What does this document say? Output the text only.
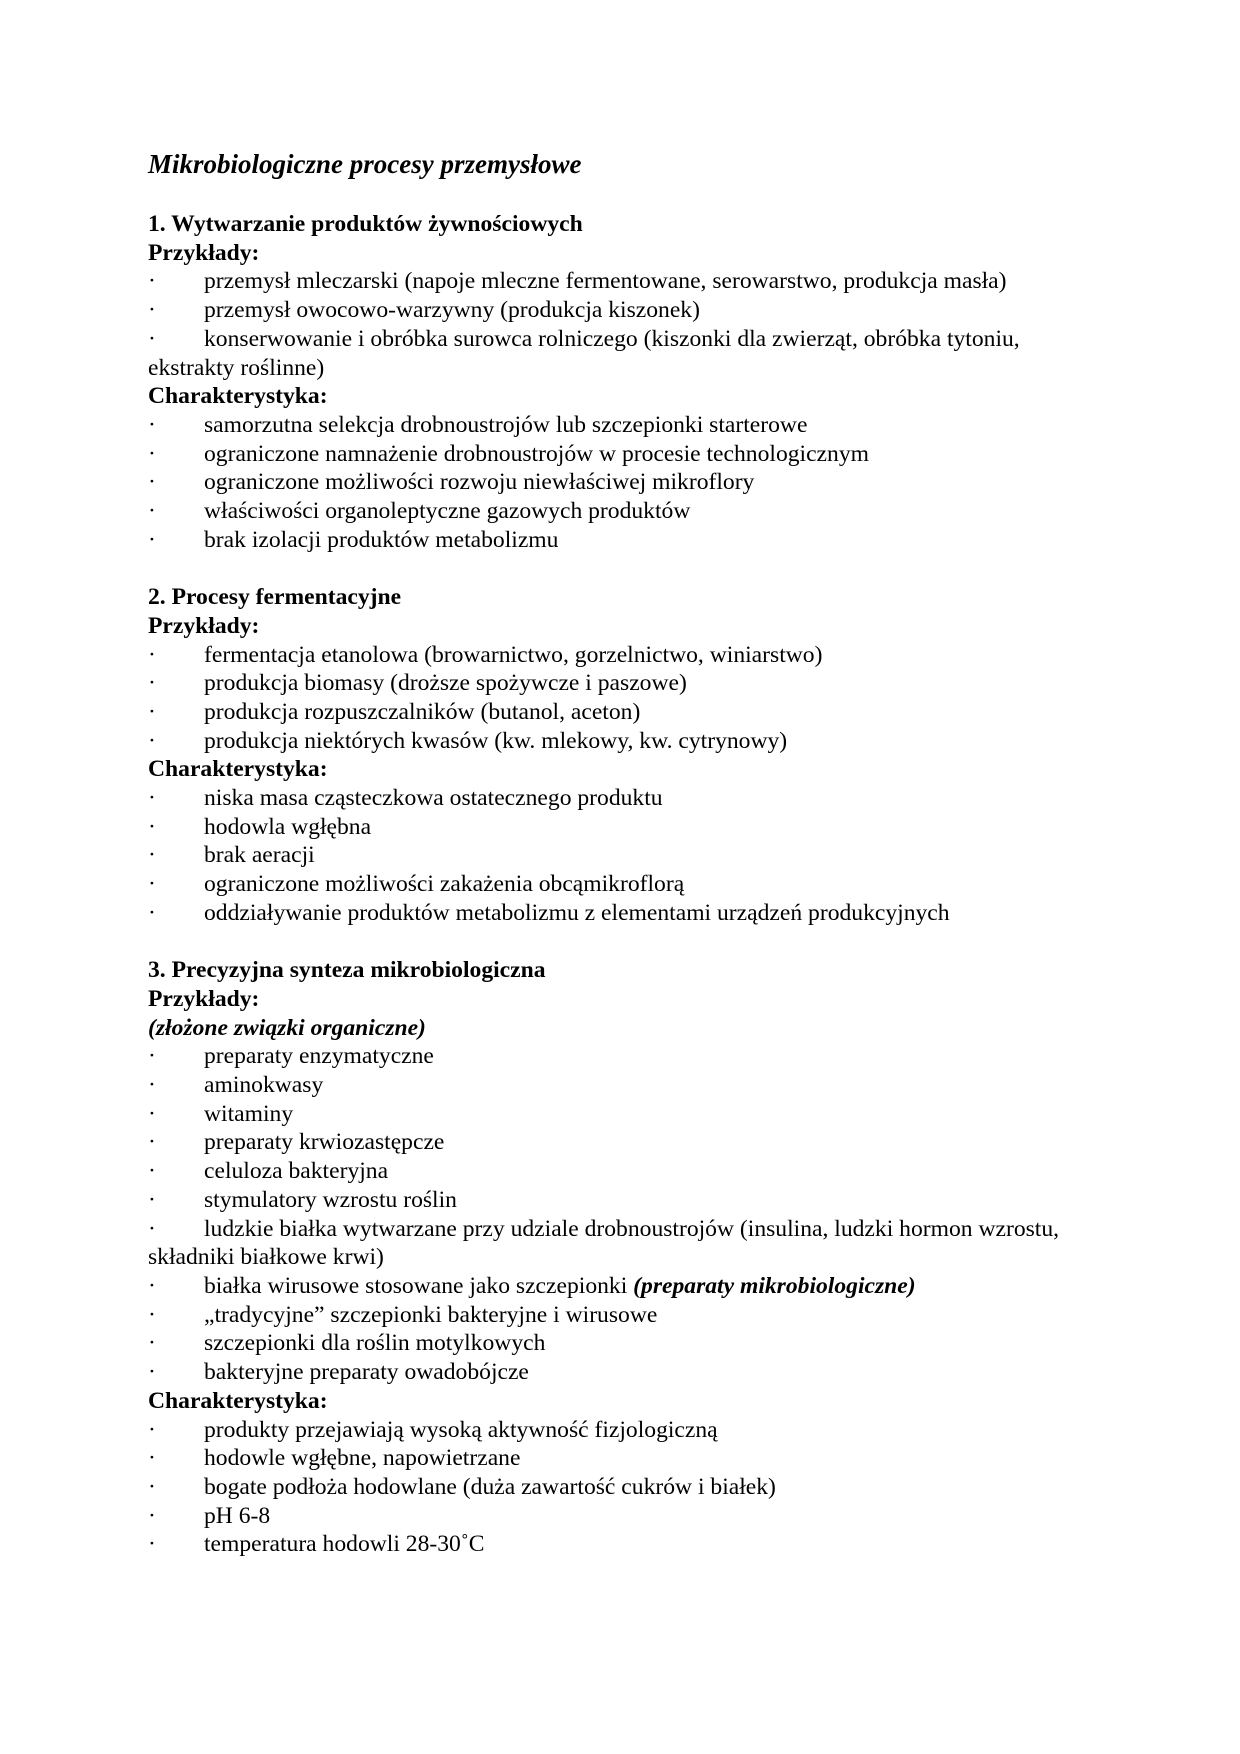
Mikrobiologiczne procesy przemysłowe
1. Wytwarzanie produktów żywnościowych
Przykłady:
· przemysł mleczarski (napoje mleczne fermentowane, serowarstwo, produkcja masła)
· przemysł owocowo-warzywny (produkcja kiszonek)
· konserwowanie i obróbka surowca rolniczego (kiszonki dla zwierząt, obróbka tytoniu, ekstrakty roślinne)
Charakterystyka:
· samorzutna selekcja drobnoustrojów lub szczepionki starterowe
· ograniczone namnażenie drobnoustrojów w procesie technologicznym
· ograniczone możliwości rozwoju niewłaściwej mikroflory
· właściwości organoleptyczne gazowych produktów
· brak izolacji produktów metabolizmu
2. Procesy fermentacyjne
Przykłady:
· fermentacja etanolowa (browarnictwo, gorzelnictwo, winiarstwo)
· produkcja biomasy (droższe spożywcze i paszowe)
· produkcja rozpuszczalników (butanol, aceton)
· produkcja niektórych kwasów (kw. mlekowy, kw. cytrynowy)
Charakterystyka:
· niska masa cząsteczkowa ostatecznego produktu
· hodowla wgłębna
· brak aeracji
· ograniczone możliwości zakażenia obcąmikroflorą
· oddziaływanie produktów metabolizmu z elementami urządzeń produkcyjnych
3. Precyzyjna synteza mikrobiologiczna
Przykłady:
(złożone związki organiczne)
· preparaty enzymatyczne
· aminokwasy
· witaminy
· preparaty krwiozastępcze
· celuloza bakteryjna
· stymulatory wzrostu roślin
· ludzkie białka wytwarzane przy udziale drobnoustrojów (insulina, ludzki hormon wzrostu, składniki białkowe krwi)
· białka wirusowe stosowane jako szczepionki (preparaty mikrobiologiczne)
· „tradycyjne” szczepionki bakteryjne i wirusowe
· szczepionki dla roślin motylkowych
· bakteryjne preparaty owadobójcze
Charakterystyka:
· produkty przejawiają wysoką aktywność fizjologiczną
· hodowle wgłębne, napowietrzane
· bogate podłoża hodowlane (duża zawartość cukrów i białek)
· pH 6-8
· temperatura hodowli 28-30˚C
